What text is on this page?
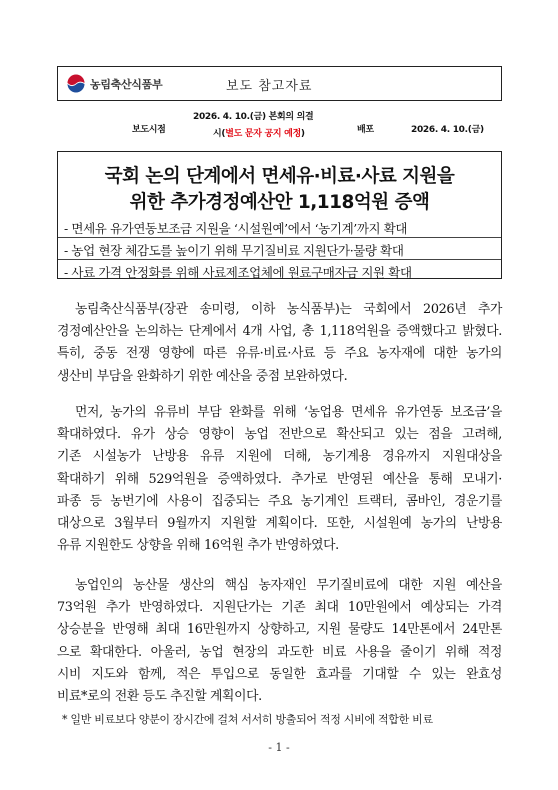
농림축산식품부	보도 참고자료
보도시점
2026. 4. 10.(금) 본회의 의결
시(별도 문자 공지 예정)	배포	2026. 4. 10.(금)
국회 논의 단계에서 면세유·비료·사료 지원을
위한 추가경정예산안 1,118억원 증액
- 면세유 유가연동보조금 지원을 ‘시설원예’에서 ‘농기계’까지 확대
- 농업 현장 체감도를 높이기 위해 무기질비료 지원단가·물량 확대
- 사료 가격 안정화를 위해 사료제조업체에 원료구매자금 지원 확대
농림축산식품부(장관 송미령, 이하 농식품부)는 국회에서 2026년 추가
경정예산안을 논의하는 단계에서 4개 사업, 총 1,118억원을 증액했다고 밝혔다.
특히, 중동 전쟁 영향에 따른 유류·비료·사료 등 주요 농자재에 대한 농가의
생산비 부담을 완화하기 위한 예산을 중점 보완하였다.
먼저, 농가의 유류비 부담 완화를 위해 ‘농업용 면세유 유가연동 보조금’을
확대하였다. 유가 상승 영향이 농업 전반으로 확산되고 있는 점을 고려해,
기존 시설농가 난방용 유류 지원에 더해, 농기계용 경유까지 지원대상을
확대하기 위해 529억원을 증액하였다. 추가로 반영된 예산을 통해 모내기·
파종 등 농번기에 사용이 집중되는 주요 농기계인 트랙터, 콤바인, 경운기를
대상으로 3월부터 9월까지 지원할 계획이다. 또한, 시설원예 농가의 난방용
유류 지원한도 상향을 위해 16억원 추가 반영하였다.
농업인의 농산물 생산의 핵심 농자재인 무기질비료에 대한 지원 예산을
73억원 추가 반영하였다. 지원단가는 기존 최대 10만원에서 예상되는 가격
상승분을 반영해 최대 16만원까지 상향하고, 지원 물량도 14만톤에서 24만톤
으로 확대한다. 아울러, 농업 현장의 과도한 비료 사용을 줄이기 위해 적정
시비 지도와 함께, 적은 투입으로 동일한 효과를 기대할 수 있는 완효성
비료*로의 전환 등도 추진할 계획이다.
* 일반 비료보다 양분이 장시간에 걸쳐 서서히 방출되어 적정 시비에 적합한 비료
- 1 -
